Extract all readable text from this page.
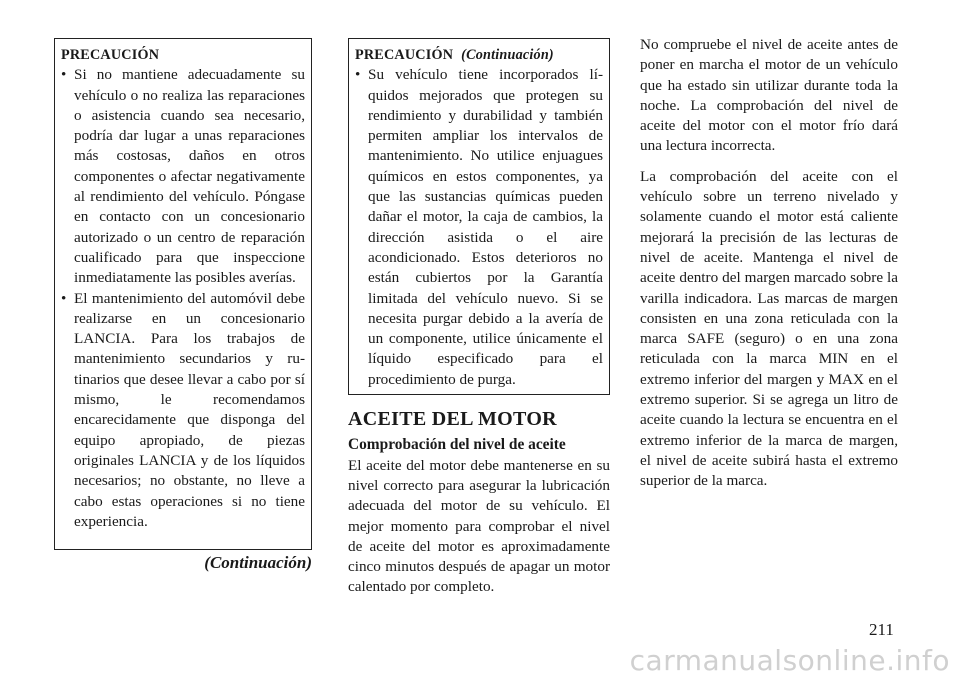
PRECAUCIÓN
• Si no mantiene adecuadamente su vehículo o no realiza las reparaciones o asistencia cuando sea necesario, podría dar lugar a unas reparaciones más costosas, daños en otros componentes o afectar negativamente al rendimiento del vehículo. Póngase en contacto con un concesionario autorizado o un centro de reparación cualificado para que inspeccione inmediatamente las posibles averías.
• El mantenimiento del automóvil debe realizarse en un concesionario LANCIA. Para los trabajos de mantenimiento secundarios y rutinarios que desee llevar a cabo por sí mismo, le recomendamos encarecidamente que disponga del equipo apropiado, de piezas originales LANCIA y de los líquidos necesarios; no obstante, no lleve a cabo estas operaciones si no tiene experiencia.
(Continuación)
PRECAUCIÓN (Continuación)
• Su vehículo tiene incorporados líquidos mejorados que protegen su rendimiento y durabilidad y también permiten ampliar los intervalos de mantenimiento. No utilice enjuagues químicos en estos componentes, ya que las sustancias químicas pueden dañar el motor, la caja de cambios, la dirección asistida o el aire acondicionado. Estos deterioros no están cubiertos por la Garantía limitada del vehículo nuevo. Si se necesita purgar debido a la avería de un componente, utilice únicamente el líquido especificado para el procedimiento de purga.
ACEITE DEL MOTOR
Comprobación del nivel de aceite

El aceite del motor debe mantenerse en su nivel correcto para asegurar la lubricación adecuada del motor de su vehículo. El mejor momento para comprobar el nivel de aceite del motor es aproximadamente cinco minutos después de apagar un motor calentado por completo.

No compruebe el nivel de aceite antes de poner en marcha el motor de un vehículo que ha estado sin utilizar durante toda la noche. La comprobación del nivel de aceite del motor con el motor frío dará una lectura incorrecta.

La comprobación del aceite con el vehículo sobre un terreno nivelado y solamente cuando el motor está caliente mejorará la precisión de las lecturas de nivel de aceite. Mantenga el nivel de aceite dentro del margen marcado sobre la varilla indicadora. Las marcas de margen consisten en una zona reticulada con la marca SAFE (seguro) o en una zona reticulada con la marca MIN en el extremo inferior del margen y MAX en el extremo superior. Si se agrega un litro de aceite cuando la lectura se encuentra en el extremo inferior de la marca de margen, el nivel de aceite subirá hasta el extremo superior de la marca.

211
carmanualsonline.info
